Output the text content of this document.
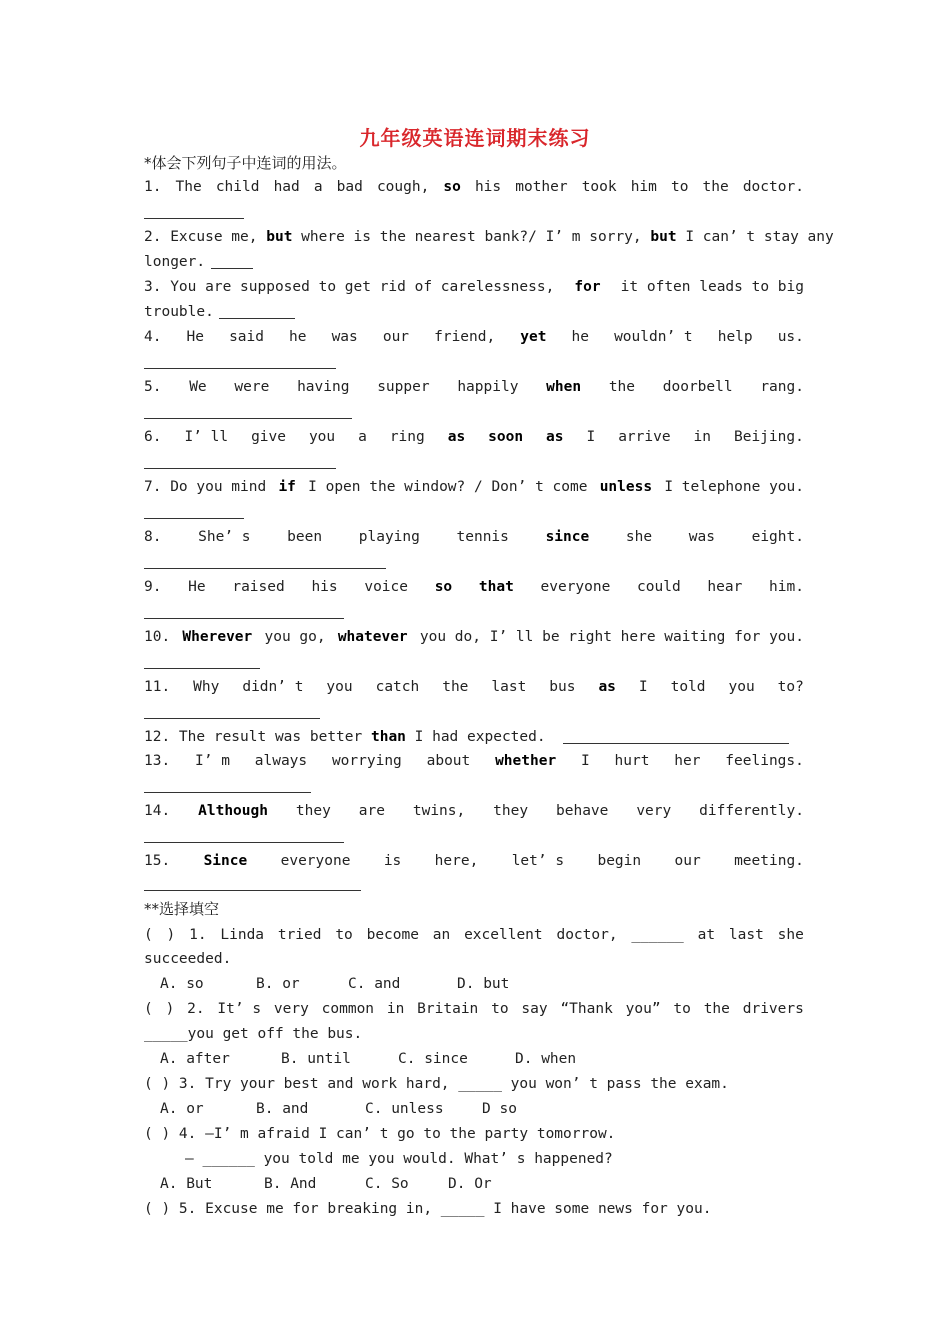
九年级英语连词期末练习
*体会下列句子中连词的用法。
1. The child had a bad cough, so his mother took him to the doctor.
2. Excuse me, but where is the nearest bank?/ I’ m sorry, but I can’ t stay any
longer.
3. You are supposed to get rid of carelessness, for it often leads to big
trouble.
4. He said he was our friend, yet he wouldn’ t help us.
5. We were having supper happily when the doorbell rang.
6. I’ ll give you a ring as soon as I arrive in Beijing.
7. Do you mind if I open the window? / Don’ t come unless I telephone you.
8.	She’ s	been	playing	tennis	since	she	was	eight.
9. He raised his voice so that everyone could hear him.
10. Wherever you go, whatever you do, I’ ll be right here waiting for you.
11. Why didn’ t you catch the last bus as I told you to?
12. The result was better than I had expected.
13. I’ m always worrying about whether I hurt her feelings.
14. Although they are twins, they behave very differently.
15. Since everyone is here, let’ s begin our meeting.
**选择填空
( ) 1. Linda tried to become an excellent doctor, ______ at last she
succeeded.
A. so	B. or	C. and	D. but
( ) 2. It’ s very common in Britain to say “Thank you” to the drivers
_____you get off the bus.
A. after	B. until	C. since	D. when
( ) 3. Try your best and work hard, _____ you won’ t pass the exam.
A. or	B. and	C. unless	D so
( ) 4. –I’ m afraid I can’ t go to the party tomorrow.
– ______ you told me you would. What’ s happened?
A. But	B. And	C. So	D. Or
( ) 5. Excuse me for breaking in, _____ I have some news for you.
